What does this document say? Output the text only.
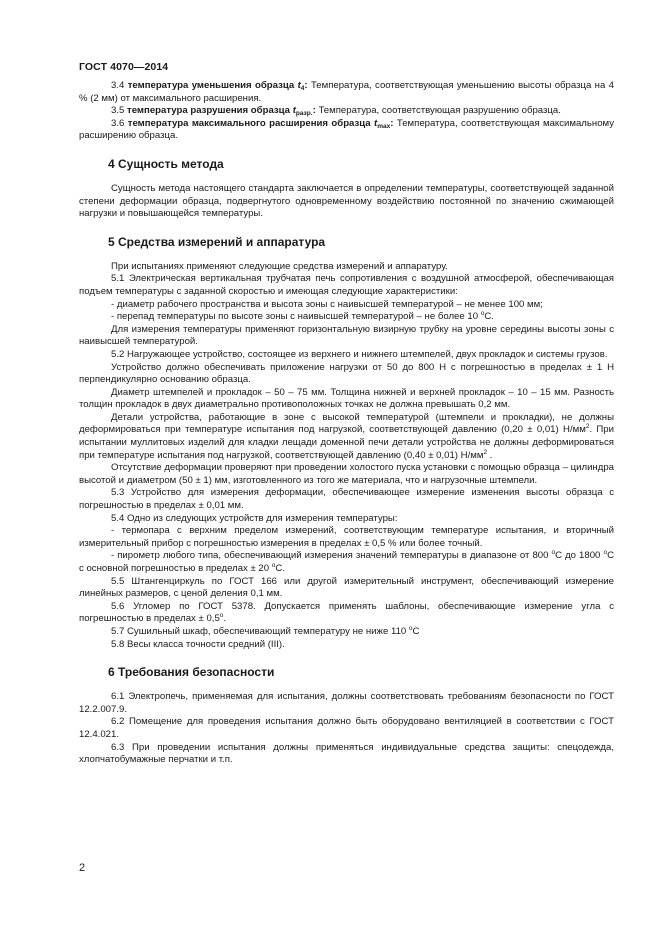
ГОСТ 4070—2014

3.4 температура уменьшения образца $t_4$: Температура, соответствующая уменьшению высоты образца на 4 % (2 мм) от максимального расширения.

3.5 температура разрушения образца $t_{разр.}$: Температура, соответствующая разрушению образца.

3.6 температура максимального расширения образца $t_{max}$: Температура, соответствующая максимальному расширению образца.

4 Сущность метода

Сущность метода настоящего стандарта заключается в определении температуры, соответствующей заданной степени деформации образца, подвергнутого одновременному воздействию постоянной по значению сжимающей нагрузки и повышающейся температуры.

5 Средства измерений и аппаратура

При испытаниях применяют следующие средства измерений и аппаратуру.

5.1 Электрическая вертикальная трубчатая печь сопротивления с воздушной атмосферой, обеспечивающая подъем температуры с заданной скоростью и имеющая следующие характеристики:

- диаметр рабочего пространства и высота зоны с наивысшей температурой – не менее 100 мм;

- перепад температуры по высоте зоны с наивысшей температурой – не более 10 $^о$С.

Для измерения температуры применяют горизонтальную визирную трубку на уровне середины высоты зоны с наивысшей температурой.

5.2 Нагружающее устройство, состоящее из верхнего и нижнего штемпелей, двух прокладок и системы грузов.

Устройство должно обеспечивать приложение нагрузки от 50 до 800 Н с погрешностью в пределах ± 1 Н перпендикулярно основанию образца.

Диаметр штемпелей и прокладок – 50 – 75 мм. Толщина нижней и верхней прокладок – 10 – 15 мм. Разность толщин прокладок в двух диаметрально противоположных точках не должна превышать 0,2 мм.

Детали устройства, работающие в зоне с высокой температурой (штемпели и прокладки), не должны деформироваться при температуре испытания под нагрузкой, соответствующей давлению (0,20 ± 0,01) $Н/мм^2$. При испытании муллитовых изделий для кладки лещади доменной печи детали устройства не должны деформироваться при температуре испытания под нагрузкой, соответствующей давлению (0,40 ± 0,01) $Н/мм^2$ .

Отсутствие деформации проверяют при проведении холостого пуска установки с помощью образца – цилиндра высотой и диаметром (50 ± 1) мм, изготовленного из того же материала, что и нагрузочные штемпели.

5.3 Устройство для измерения деформации, обеспечивающее измерение изменения высоты образца с погрешностью в пределах ± 0,01 мм.

5.4 Одно из следующих устройств для измерения температуры:

- термопара с верхним пределом измерений, соответствующим температуре испытания, и вторичный измерительный прибор с погрешностью измерения в пределах ± 0,5 % или более точный.

- пирометр любого типа, обеспечивающий измерения значений температуры в диапазоне от 800 $^о$С до 1800 $^о$С с основной погрешностью в пределах ± 20 $^о$С.

5.5 Штангенциркуль по ГОСТ 166 или другой измерительный инструмент, обеспечивающий измерение линейных размеров, с ценой деления 0,1 мм.

5.6 Угломер по ГОСТ 5378. Допускается применять шаблоны, обеспечивающие измерение угла с погрешностью в пределах ± $0,5^о$.

5.7 Сушильный шкаф, обеспечивающий температуру не ниже 110 $^о$С

5.8 Весы класса точности средний (III).

6 Требования безопасности

6.1 Электропечь, применяемая для испытания, должны соответствовать требованиям безопасности по ГОСТ 12.2.007.9.

6.2 Помещение для проведения испытания должно быть оборудовано вентиляцией в соответствии с ГОСТ 12.4.021.

6.3 При проведении испытания должны применяться индивидуальные средства защиты: спецодежда, хлопчатобумажные перчатки и т.п.

2
